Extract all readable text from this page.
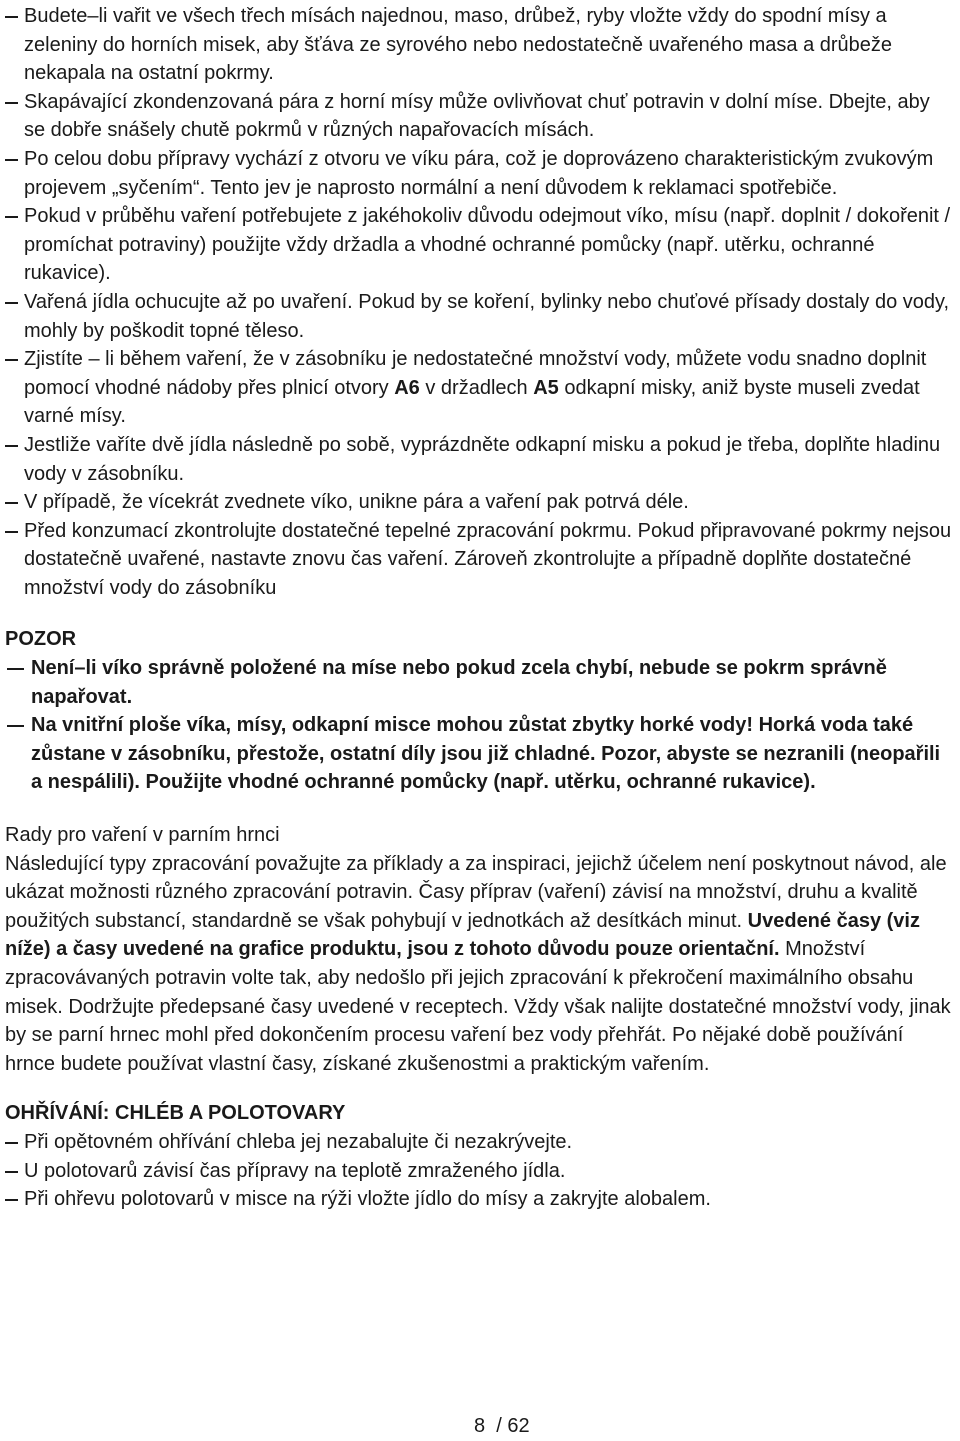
Budete–li vařit ve všech třech mísách najednou, maso, drůbež, ryby vložte vždy do spodní mísy a zeleniny do horních misek, aby šťáva ze syrového nebo nedostatečně uvařeného masa a drůbeže nekapala na ostatní pokrmy.
Skapávající zkondenzovaná pára z horní mísy může ovlivňovat chuť potravin v dolní míse. Dbejte, aby se dobře snášely chutě pokrmů v různých napařovacích mísách.
Po celou dobu přípravy vychází z otvoru ve víku pára, což je doprovázeno charakteristickým zvukovým projevem „syčením“. Tento jev je naprosto normální a není důvodem k reklamaci spotřebiče.
Pokud v průběhu vaření potřebujete z jakéhokoliv důvodu odejmout víko, mísu (např. doplnit / dokořenit / promíchat potraviny) použijte vždy držadla a vhodné ochranné pomůcky (např. utěrku, ochranné rukavice).
Vařená jídla ochucujte až po uvaření. Pokud by se koření, bylinky nebo chuťové přísady dostaly do vody, mohly by poškodit topné těleso.
Zjistíte – li během vaření, že v zásobníku je nedostatečné množství vody, můžete vodu snadno doplnit pomocí vhodné nádoby přes plnicí otvory A6 v držadlech A5 odkapní misky, aniž byste museli zvedat varné mísy.
Jestliže vaříte dvě jídla následně po sobě, vyprázdněte odkapní misku a pokud je třeba, doplňte hladinu vody v zásobníku.
V případě, že vícekrát zvednete víko, unikne pára a vaření pak potrvá déle.
Před konzumací zkontrolujte dostatečné tepelné zpracování pokrmu. Pokud připravované pokrmy nejsou dostatečně uvařené, nastavte znovu čas vaření. Zároveň zkontrolujte a případně doplňte dostatečné množství vody do zásobníku
POZOR
Není–li víko správně položené na míse nebo pokud zcela chybí, nebude se pokrm správně napařovat.
Na vnitřní ploše víka, mísy, odkapní misce mohou zůstat zbytky horké vody! Horká voda také zůstane v zásobníku, přestože, ostatní díly jsou již chladné. Pozor, abyste se nezranili (neopařili a nespálili). Použijte vhodné ochranné pomůcky (např. utěrku, ochranné rukavice).
Rady pro vaření v parním hrnci

Následující typy zpracování považujte za příklady a za inspiraci, jejichž účelem není poskytnout návod, ale ukázat možnosti různého zpracování potravin. Časy příprav (vaření) závisí na množství, druhu a kvalitě použitých substancí, standardně se však pohybují v jednotkách až desítkách minut. Uvedené časy (viz níže) a časy uvedené na grafice produktu, jsou z tohoto důvodu pouze orientační. Množství zpracovávaných potravin volte tak, aby nedošlo při jejich zpracování k překročení maximálního obsahu misek. Dodržujte předepsané časy uvedené v receptech. Vždy však nalijte dostatečné množství vody, jinak by se parní hrnec mohl před dokončením procesu vaření bez vody přehřát. Po nějaké době používání hrnce budete používat vlastní časy, získané zkušenostmi a praktickým vařením.

OHŘÍVÁNÍ: CHLÉB A POLOTOVARY
Při opětovném ohřívání chleba jej nezabalujte či nezakrývejte.
U polotovarů závisí čas přípravy na teplotě zmraženého jídla.
Při ohřevu polotovarů v misce na rýži vložte jídlo do mísy a zakryjte alobalem.
8  / 62
